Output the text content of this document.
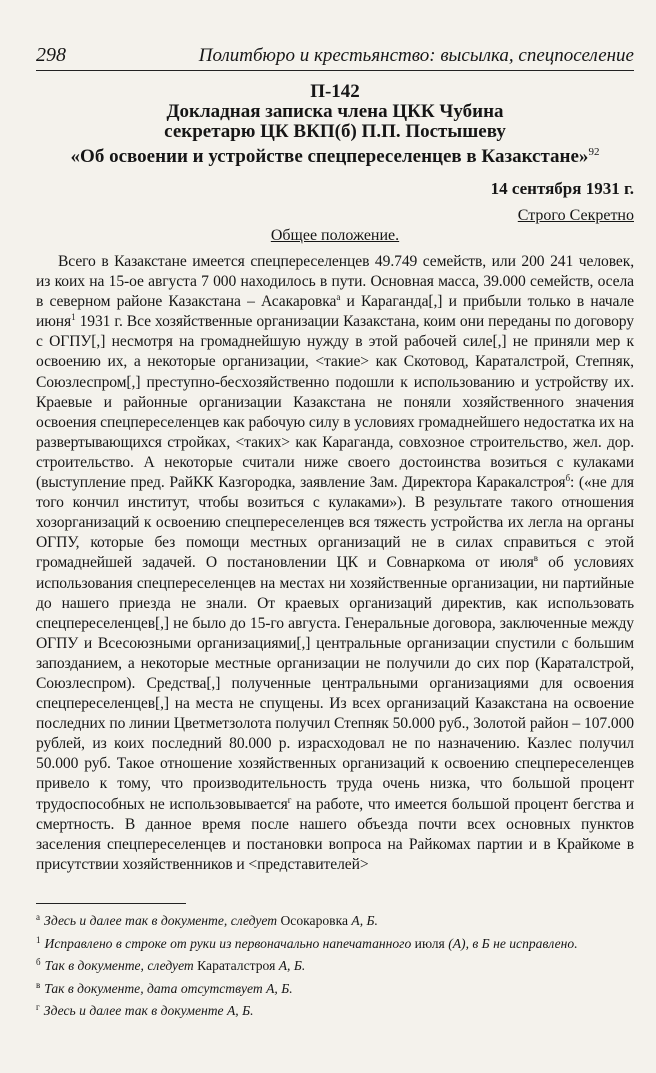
298	Политбюро и крестьянство: высылка, спецпоселение
П-142
Докладная записка члена ЦКК Чубина
секретарю ЦК ВКП(б) П.П. Постышеву
«Об освоении и устройстве спецпереселенцев в Казакстане»$^{92}$
14 сентября 1931 г.
Строго Секретно
Общее положение.

Всего в Казакстане имеется спецпереселенцев 49.749 семейств, или 200 241 человек, из коих на 15-ое августа 7 000 находилось в пути. Основная масса, 39.000 семейств, осела в северном районе Казакстана – Асакаровка$^а$ и Караганда[,] и прибыли только в начале июня$^1$ 1931 г. Все хозяйственные организации Казакстана, коим они переданы по договору с ОГПУ[,] несмотря на громаднейшую нужду в этой рабочей силе[,] не приняли мер к освоению их, а некоторые организации, <такие> как Скотовод, Караталстрой, Степняк, Союзлеспром[,] преступно-бесхозяйственно подошли к использованию и устройству их. Краевые и районные организации Казакстана не поняли хозяйственного значения освоения спецпереселенцев как рабочую силу в условиях громаднейшего недостатка их на развертывающихся стройках, <таких> как Караганда, совхозное строительство, жел. дор. строительство. А некоторые считали ниже своего достоинства возиться с кулаками (выступление пред. РайКК Казгородка, заявление Зам. Директора Каракалстроя$^б$: («не для того кончил институт, чтобы возиться с кулаками»). В результате такого отношения хозорганизаций к освоению спецпереселенцев вся тяжесть устройства их легла на органы ОГПУ, которые без помощи местных организаций не в силах справиться с этой громаднейшей задачей. О постановлении ЦК и Совнаркома от июля$^в$ об условиях использования спецпереселенцев на местах ни хозяйственные организации, ни партийные до нашего приезда не знали. От краевых организаций директив, как использовать спецпереселенцев[,] не было до 15-го августа. Генеральные договора, заключенные между ОГПУ и Всесоюзными организациями[,] центральные организации спустили с большим запозданием, а некоторые местные организации не получили до сих пор (Караталстрой, Союзлеспром). Средства[,] полученные центральными организациями для освоения спецпереселенцев[,] на места не спущены. Из всех организаций Казакстана на освоение последних по линии Цветметзолота получил Степняк 50.000 руб., Золотой район – 107.000 рублей, из коих последний 80.000 р. израсходовал не по назначению. Казлес получил 50.000 руб. Такое отношение хозяйственных организаций к освоению спецпереселенцев привело к тому, что производительность труда очень низка, что большой процент трудоспособных не использовывается$^г$ на работе, что имеется большой процент бегства и смертность. В данное время после нашего объезда почти всех основных пунктов заселения спецпереселенцев и постановки вопроса на Райкомах партии и в Крайкоме в присутствии хозяйственников и <представителей>

$^а$ Здесь и далее так в документе, следует Осокаровка А, Б.
$^1$ Исправлено в строке от руки из первоначально напечатанного июля (А), в Б не исправлено.
$^б$ Так в документе, следует Караталстроя А, Б.
$^в$ Так в документе, дата отсутствует А, Б.
$^г$ Здесь и далее так в документе А, Б.
